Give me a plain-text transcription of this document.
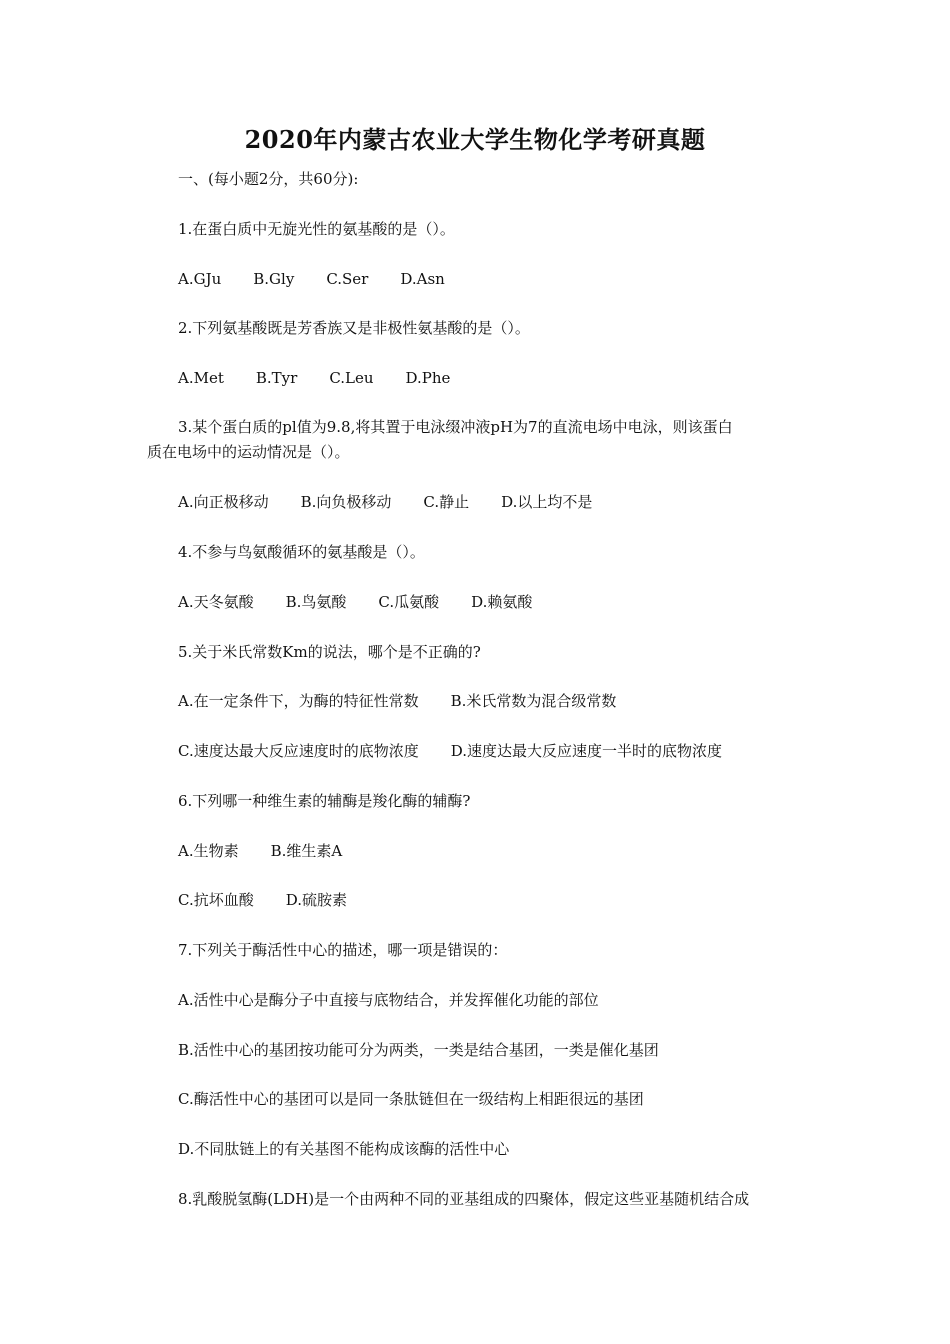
2020年内蒙古农业大学生物化学考研真题
一、(每小题2分，共60分):
1.在蛋白质中无旋光性的氨基酸的是（）。
A.GJu B.Gly C.Ser D.Asn
2.下列氨基酸既是芳香族又是非极性氨基酸的是（）。
A.Met B.Tyr C.Leu D.Phe
3.某个蛋白质的pl值为9.8,将其置于电泳缀冲液pH为7的直流电场中电泳，则该蛋白
质在电场中的运动情况是（）。
A.向正极移动 B.向负极移动 C.静止 D.以上均不是
4.不参与鸟氨酸循环的氨基酸是（）。
A.天冬氨酸 B.鸟氨酸 C.瓜氨酸 D.赖氨酸
5.关于米氏常数Km的说法，哪个是不正确的?
A.在一定条件下，为酶的特征性常数 B.米氏常数为混合级常数
C.速度达最大反应速度时的底物浓度 D.速度达最大反应速度一半时的底物浓度
6.下列哪一种维生素的辅酶是羧化酶的辅酶?
A.生物素 B.维生素A
C.抗坏血酸 D.硫胺素
7.下列关于酶活性中心的描述，哪一项是错误的：
A.活性中心是酶分子中直接与底物结合，并发挥催化功能的部位
B.活性中心的基团按功能可分为两类，一类是结合基团，一类是催化基团
C.酶活性中心的基团可以是同一条肽链但在一级结构上相距很远的基团
D.不同肽链上的有关基图不能构成该酶的活性中心
8.乳酸脱氢酶(LDH)是一个由两种不同的亚基组成的四聚体，假定这些亚基随机结合成
